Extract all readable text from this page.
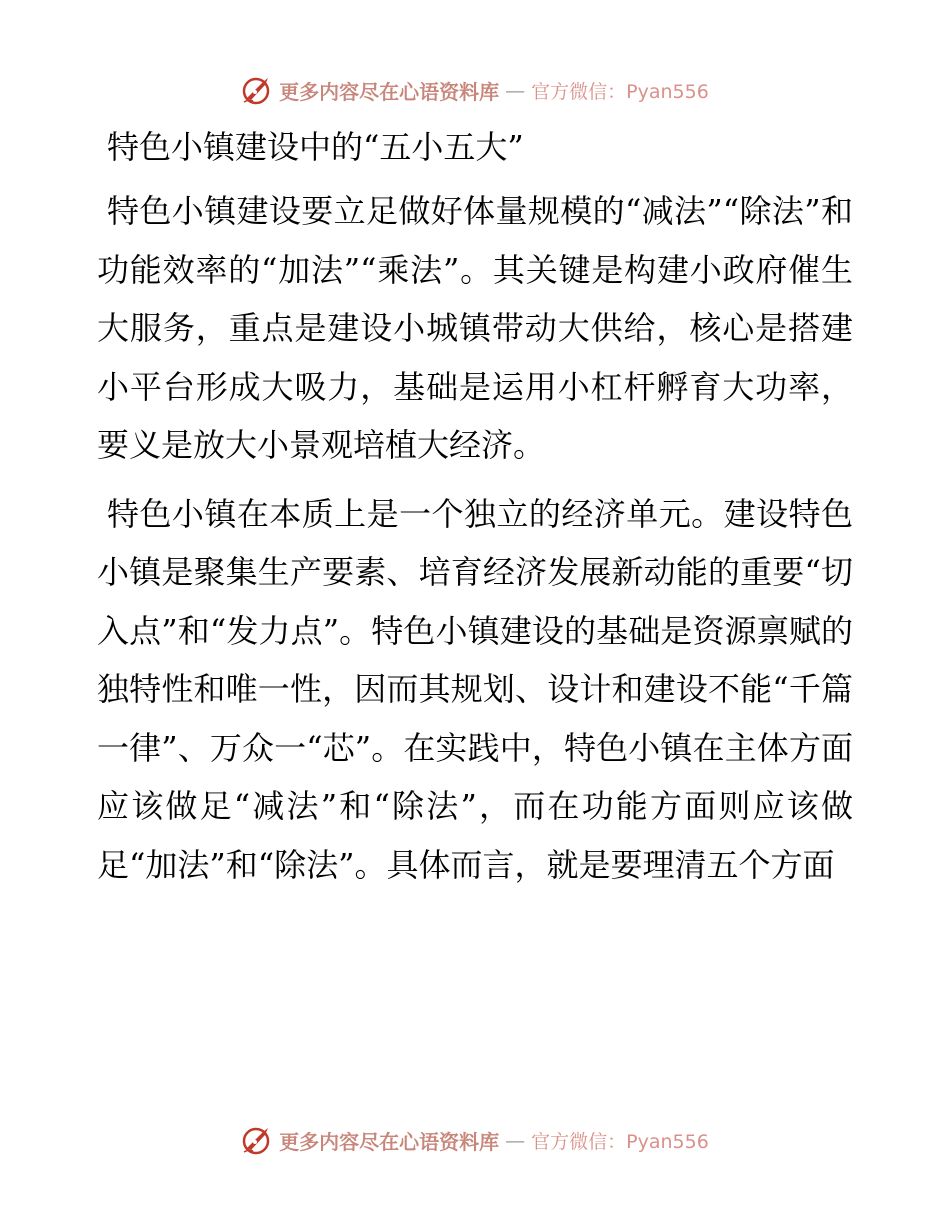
更多内容尽在心语资料库 — 官方微信：Pyan556
特色小镇建设中的“五小五大”

特色小镇建设要立足做好体量规模的“减法”“除法”和功能效率的“加法”“乘法”。其关键是构建小政府催生大服务，重点是建设小城镇带动大供给，核心是搭建小平台形成大吸力，基础是运用小杠杆孵育大功率，要义是放大小景观培植大经济。

特色小镇在本质上是一个独立的经济单元。建设特色小镇是聚集生产要素、培育经济发展新动能的重要“切入点”和“发力点”。特色小镇建设的基础是资源禀赋的独特性和唯一性，因而其规划、设计和建设不能“千篇一律”、万众一“芯”。在实践中，特色小镇在主体方面应该做足“减法”和“除法”，而在功能方面则应该做足“加法”和“除法”。具体而言，就是要理清五个方面

更多内容尽在心语资料库 — 官方微信：Pyan556
